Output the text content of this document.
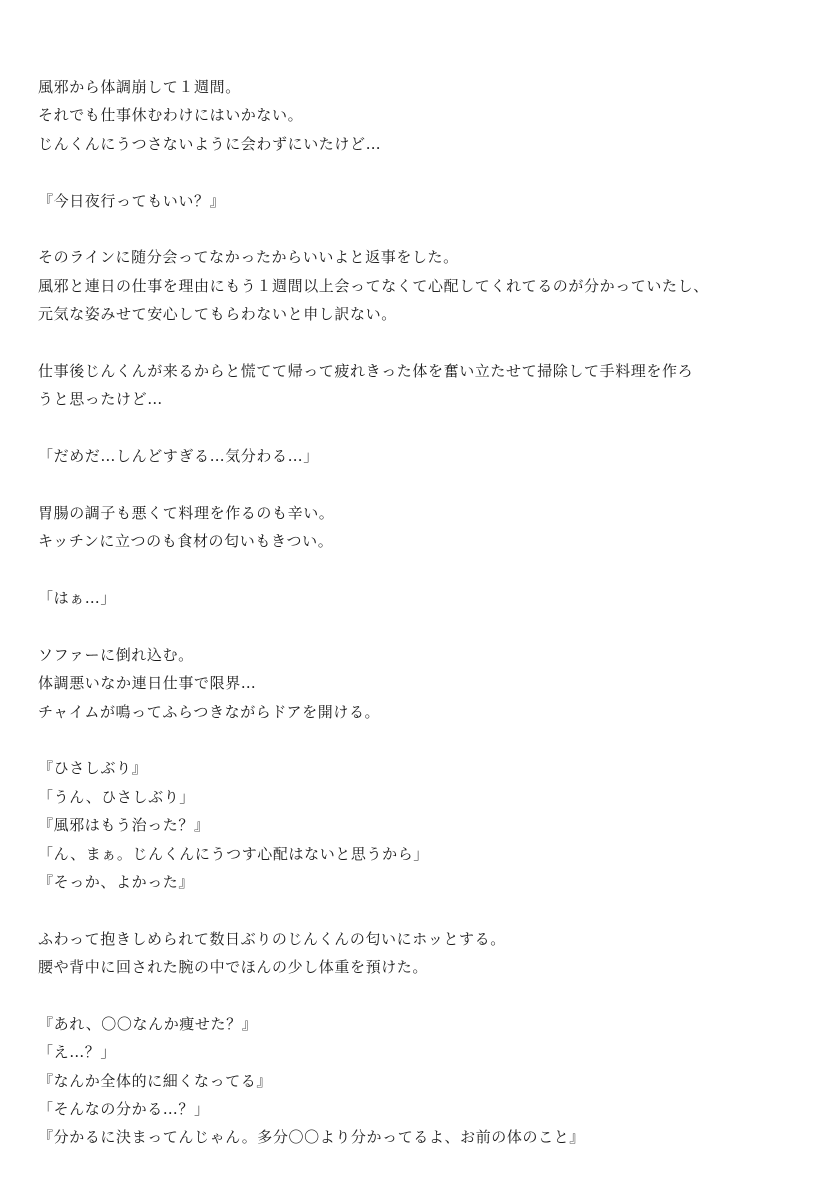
風邪から体調崩して１週間。
それでも仕事休むわけにはいかない。
じんくんにうつさないように会わずにいたけど…
『今日夜行ってもいい？』
そのラインに随分会ってなかったからいいよと返事をした。
風邪と連日の仕事を理由にもう１週間以上会ってなくて心配してくれてるのが分かっていたし、
元気な姿みせて安心してもらわないと申し訳ない。
仕事後じんくんが来るからと慌てて帰って疲れきった体を奮い立たせて掃除して手料理を作ろ
うと思ったけど…
「だめだ…しんどすぎる…気分わる…」
胃腸の調子も悪くて料理を作るのも辛い。
キッチンに立つのも食材の匂いもきつい。
「はぁ…」
ソファーに倒れ込む。
体調悪いなか連日仕事で限界…
チャイムが鳴ってふらつきながらドアを開ける。
『ひさしぶり』
「うん、ひさしぶり」
『風邪はもう治った？』
「ん、まぁ。じんくんにうつす心配はないと思うから」
『そっか、よかった』
ふわって抱きしめられて数日ぶりのじんくんの匂いにホッとする。
腰や背中に回された腕の中でほんの少し体重を預けた。
『あれ、〇〇なんか痩せた？』
「え…？」
『なんか全体的に細くなってる』
「そんなの分かる…？」
『分かるに決まってんじゃん。多分〇〇より分かってるよ、お前の体のこと』
